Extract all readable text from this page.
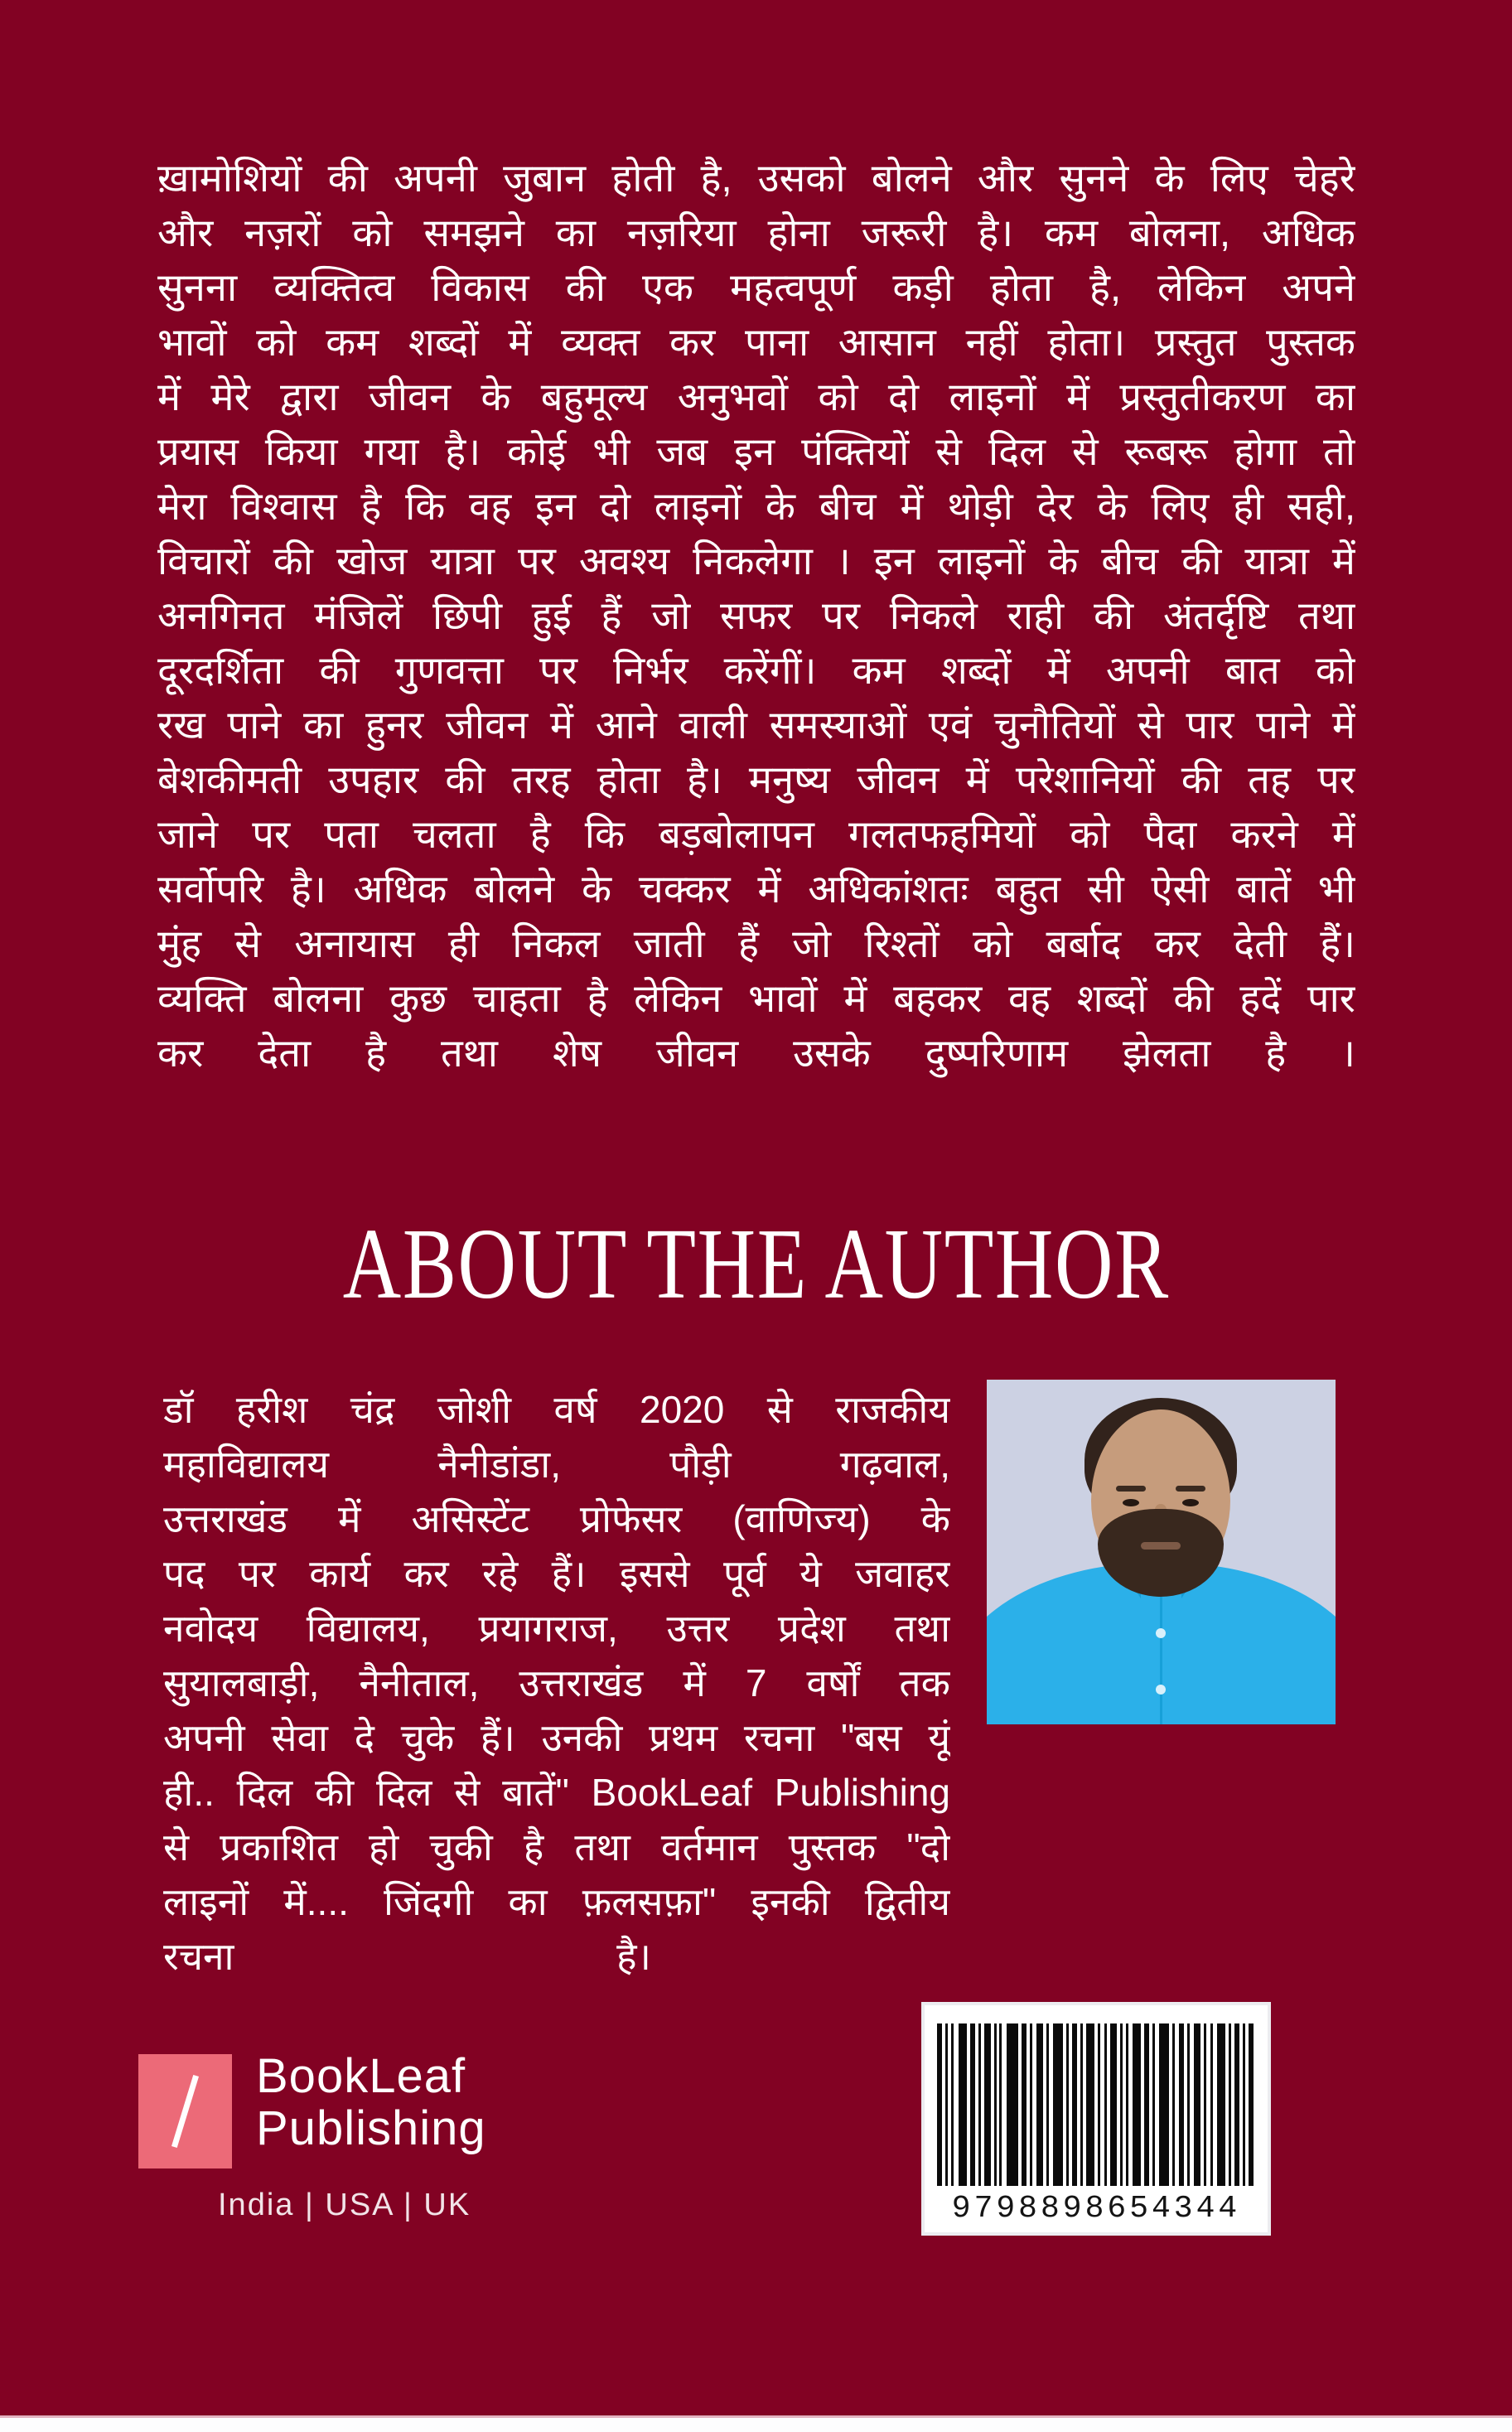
ख़ामोशियों की अपनी जुबान होती है, उसको बोलने और सुनने के लिए चेहरे
और नज़रों को समझने का नज़रिया होना जरूरी है। कम बोलना, अधिक
सुनना व्यक्तित्व विकास की एक महत्वपूर्ण कड़ी होता है, लेकिन अपने
भावों को कम शब्दों में व्यक्त कर पाना आसान नहीं होता। प्रस्तुत पुस्तक
में मेरे द्वारा जीवन के बहुमूल्य अनुभवों को दो लाइनों में प्रस्तुतीकरण का
प्रयास किया गया है। कोई भी जब इन पंक्तियों से दिल से रूबरू होगा तो
मेरा विश्वास है कि वह इन दो लाइनों के बीच में थोड़ी देर के लिए ही सही,
विचारों की खोज यात्रा पर अवश्य निकलेगा । इन लाइनों के बीच की यात्रा में
अनगिनत मंजिलें छिपी हुई हैं जो सफर पर निकले राही की अंतर्दृष्टि तथा
दूरदर्शिता की गुणवत्ता पर निर्भर करेंगीं। कम शब्दों में अपनी बात को
रख पाने का हुनर जीवन में आने वाली समस्याओं एवं चुनौतियों से पार पाने में
बेशकीमती उपहार की तरह होता है। मनुष्य जीवन में परेशानियों की तह पर
जाने पर पता चलता है कि बड़बोलापन गलतफहमियों को पैदा करने में
सर्वोपरि है। अधिक बोलने के चक्कर में अधिकांशतः बहुत सी ऐसी बातें भी
मुंह से अनायास ही निकल जाती हैं जो रिश्तों को बर्बाद कर देती हैं।
व्यक्ति बोलना कुछ चाहता है लेकिन भावों में बहकर वह शब्दों की हदें पार
कर देता है तथा शेष जीवन उसके दुष्परिणाम झेलता है ।
ABOUT THE AUTHOR
डॉ हरीश चंद्र जोशी वर्ष 2020 से राजकीय
महाविद्यालय नैनीडांडा, पौड़ी गढ़वाल,
उत्तराखंड में असिस्टेंट प्रोफेसर (वाणिज्य) के
पद पर कार्य कर रहे हैं। इससे पूर्व ये जवाहर
नवोदय विद्यालय, प्रयागराज, उत्तर प्रदेश तथा
सुयालबाड़ी, नैनीताल, उत्तराखंड में 7 वर्षों तक
अपनी सेवा दे चुके हैं। उनकी प्रथम रचना "बस यूं
ही.. दिल की दिल से बातें" BookLeaf Publishing
से प्रकाशित हो चुकी है तथा वर्तमान पुस्तक "दो
लाइनों में.... जिंदगी का फ़लसफ़ा" इनकी द्वितीय
रचना	है।
BookLeaf
Publishing
India | USA | UK	9798898654344
